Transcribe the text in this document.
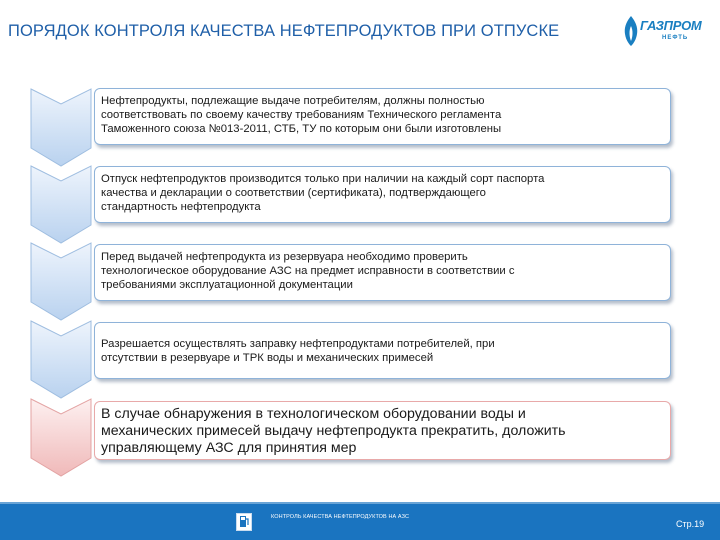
ПОРЯДОК КОНТРОЛЯ КАЧЕСТВА НЕФТЕПРОДУКТОВ ПРИ ОТПУСКЕ	ГАЗПРОМ
НЕФТЬ
Нефтепродукты, подлежащие выдаче потребителям, должны полностью
соответствовать по своему качеству требованиям Технического регламента
Таможенного союза №013-2011, СТБ, ТУ по которым они были изготовлены
Отпуск нефтепродуктов производится только при наличии на каждый сорт паспорта
качества и декларации о соответствии (сертификата), подтверждающего
стандартность нефтепродукта
Перед выдачей нефтепродукта из резервуара необходимо проверить
технологическое оборудование АЗС на предмет исправности в соответствии с
требованиями эксплуатационной документации
Разрешается осуществлять заправку нефтепродуктами потребителей, при
отсутствии в резервуаре и ТРК воды и механических примесей
В случае обнаружения в технологическом оборудовании воды и
механических примесей выдачу нефтепродукта прекратить, доложить
управляющему АЗС для принятия мер
КОНТРОЛЬ КАЧЕСТВА НЕФТЕПРОДУКТОВ НА АЗС
Стр.19
